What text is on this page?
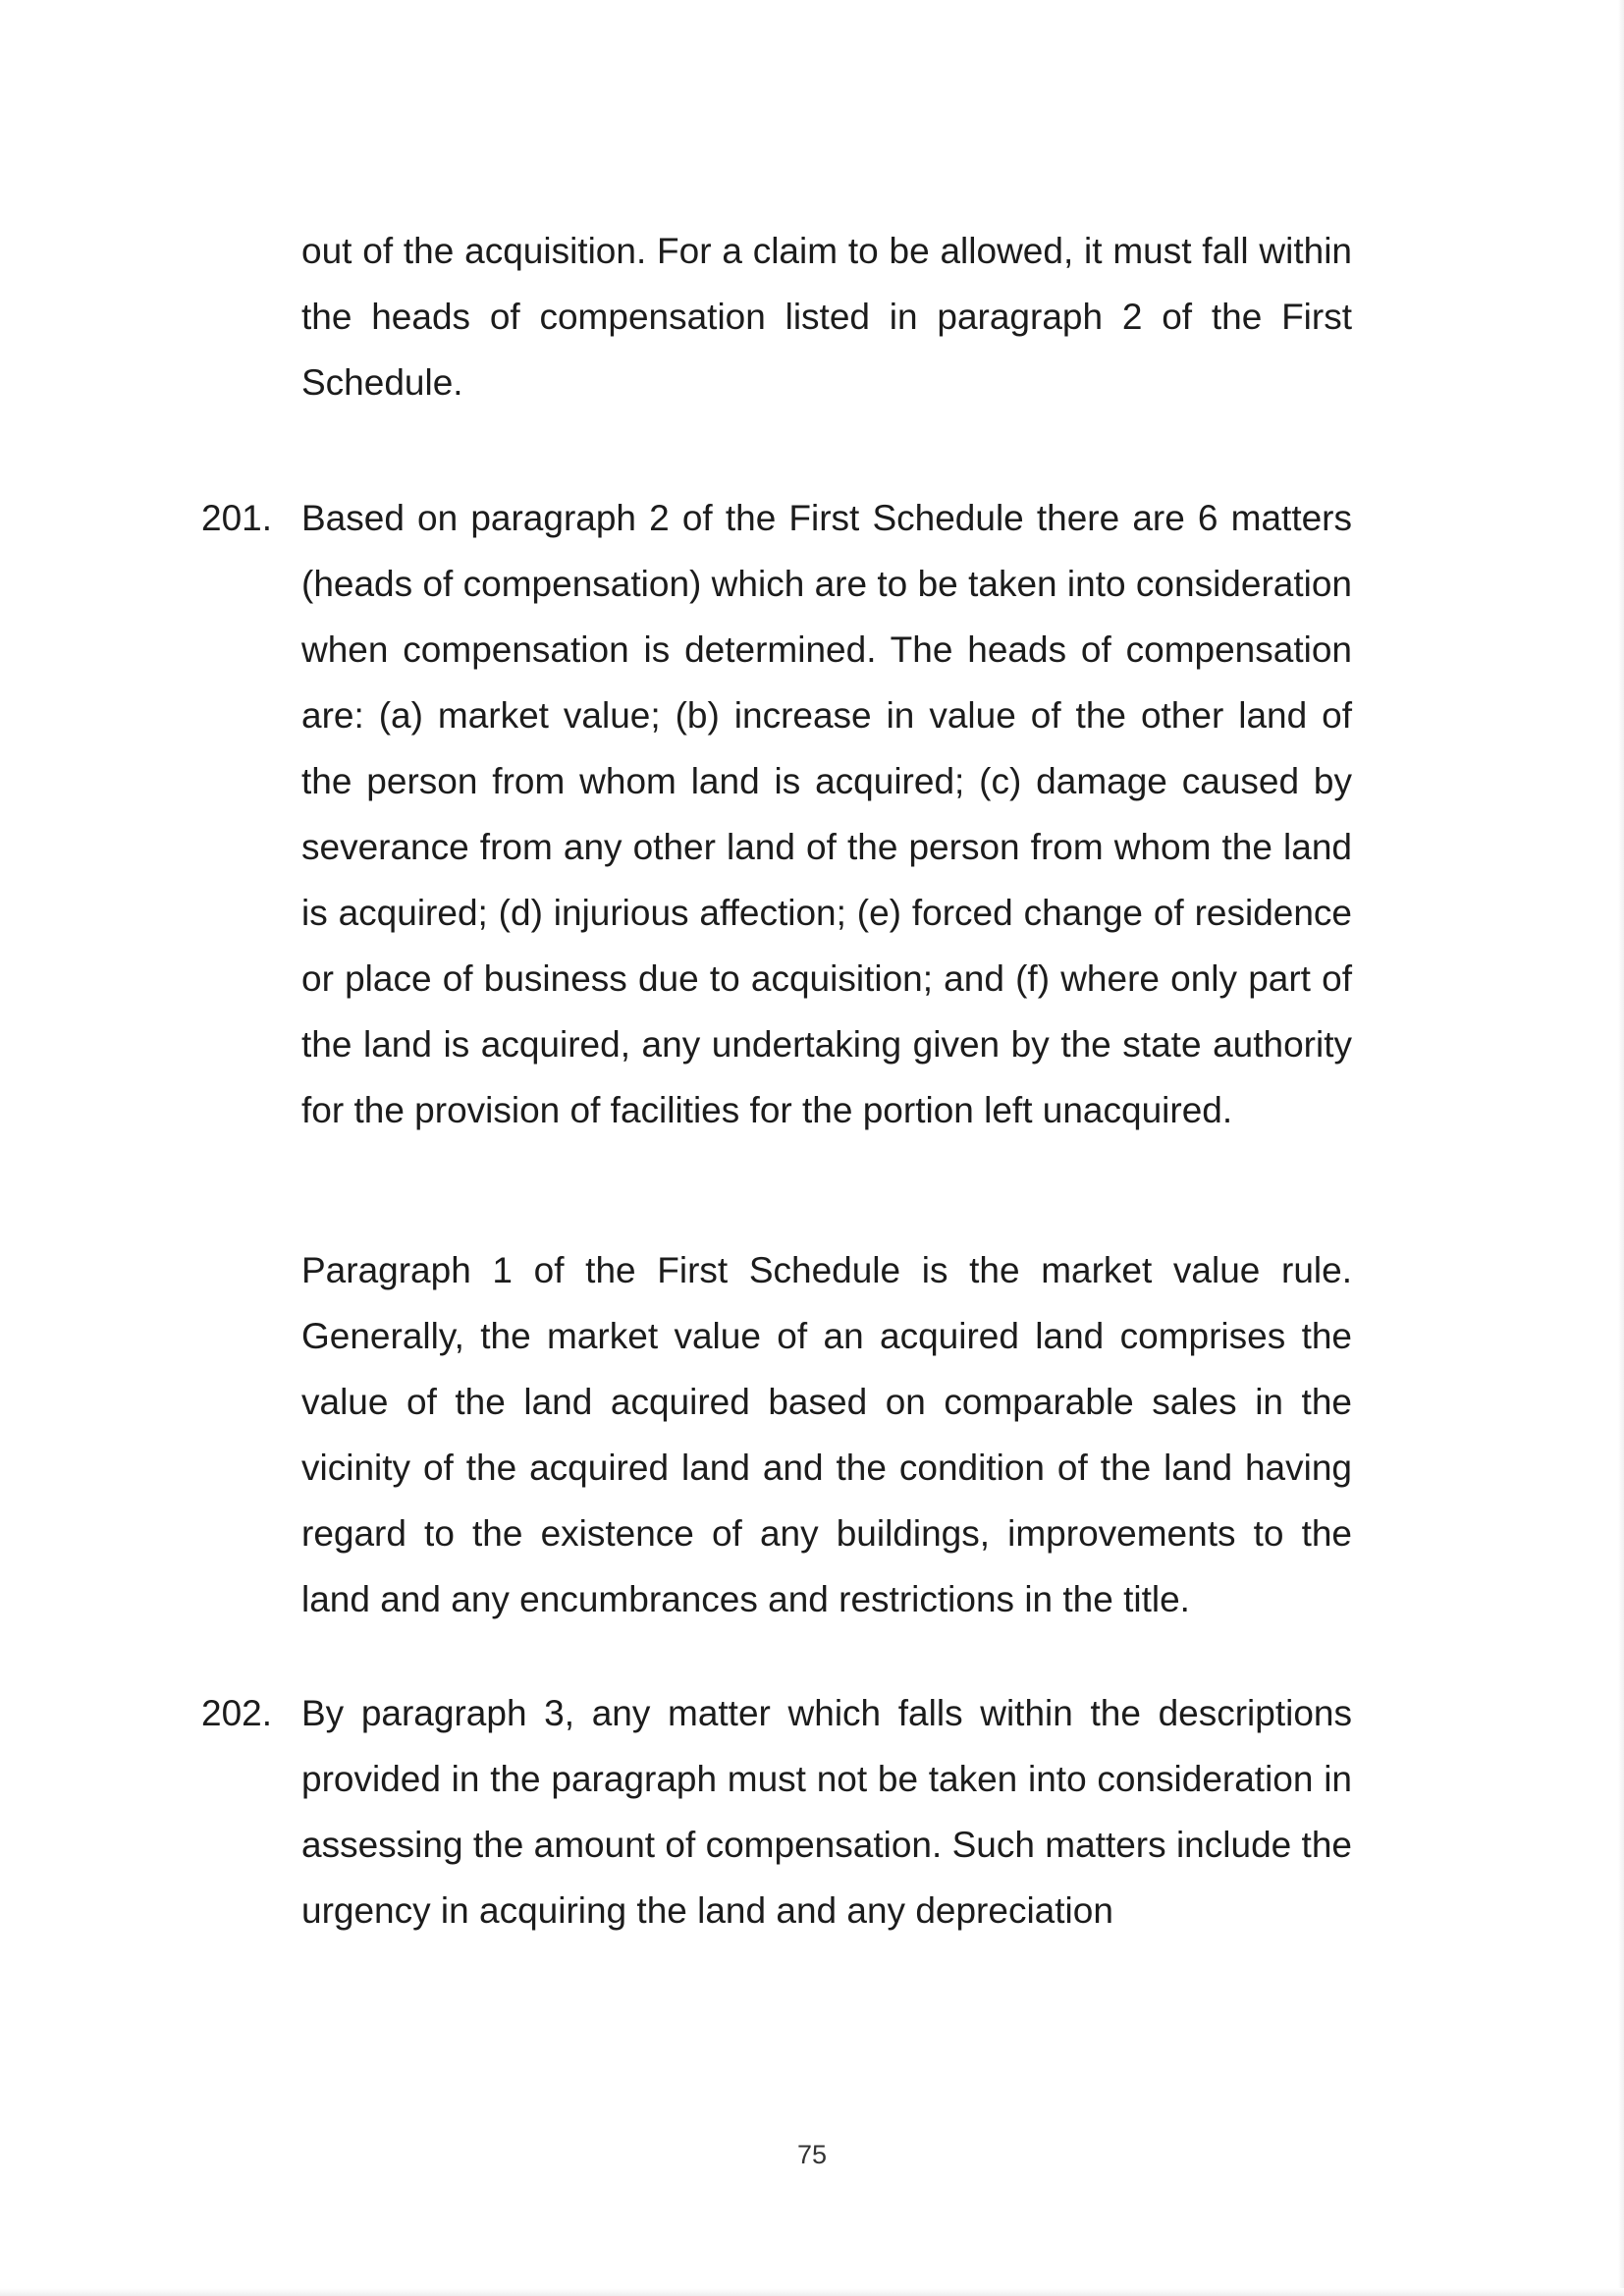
out of the acquisition. For a claim to be allowed, it must fall within the heads of compensation listed in paragraph 2 of the First Schedule.

201. Based on paragraph 2 of the First Schedule there are 6 matters (heads of compensation) which are to be taken into consideration when compensation is determined. The heads of compensation are: (a) market value; (b) increase in value of the other land of the person from whom land is acquired; (c) damage caused by severance from any other land of the person from whom the land is acquired; (d) injurious affection; (e) forced change of residence or place of business due to acquisition; and (f) where only part of the land is acquired, any undertaking given by the state authority for the provision of facilities for the portion left unacquired.

Paragraph 1 of the First Schedule is the market value rule. Generally, the market value of an acquired land comprises the value of the land acquired based on comparable sales in the vicinity of the acquired land and the condition of the land having regard to the existence of any buildings, improvements to the land and any encumbrances and restrictions in the title.

202. By paragraph 3, any matter which falls within the descriptions provided in the paragraph must not be taken into consideration in assessing the amount of compensation. Such matters include the urgency in acquiring the land and any depreciation

75
